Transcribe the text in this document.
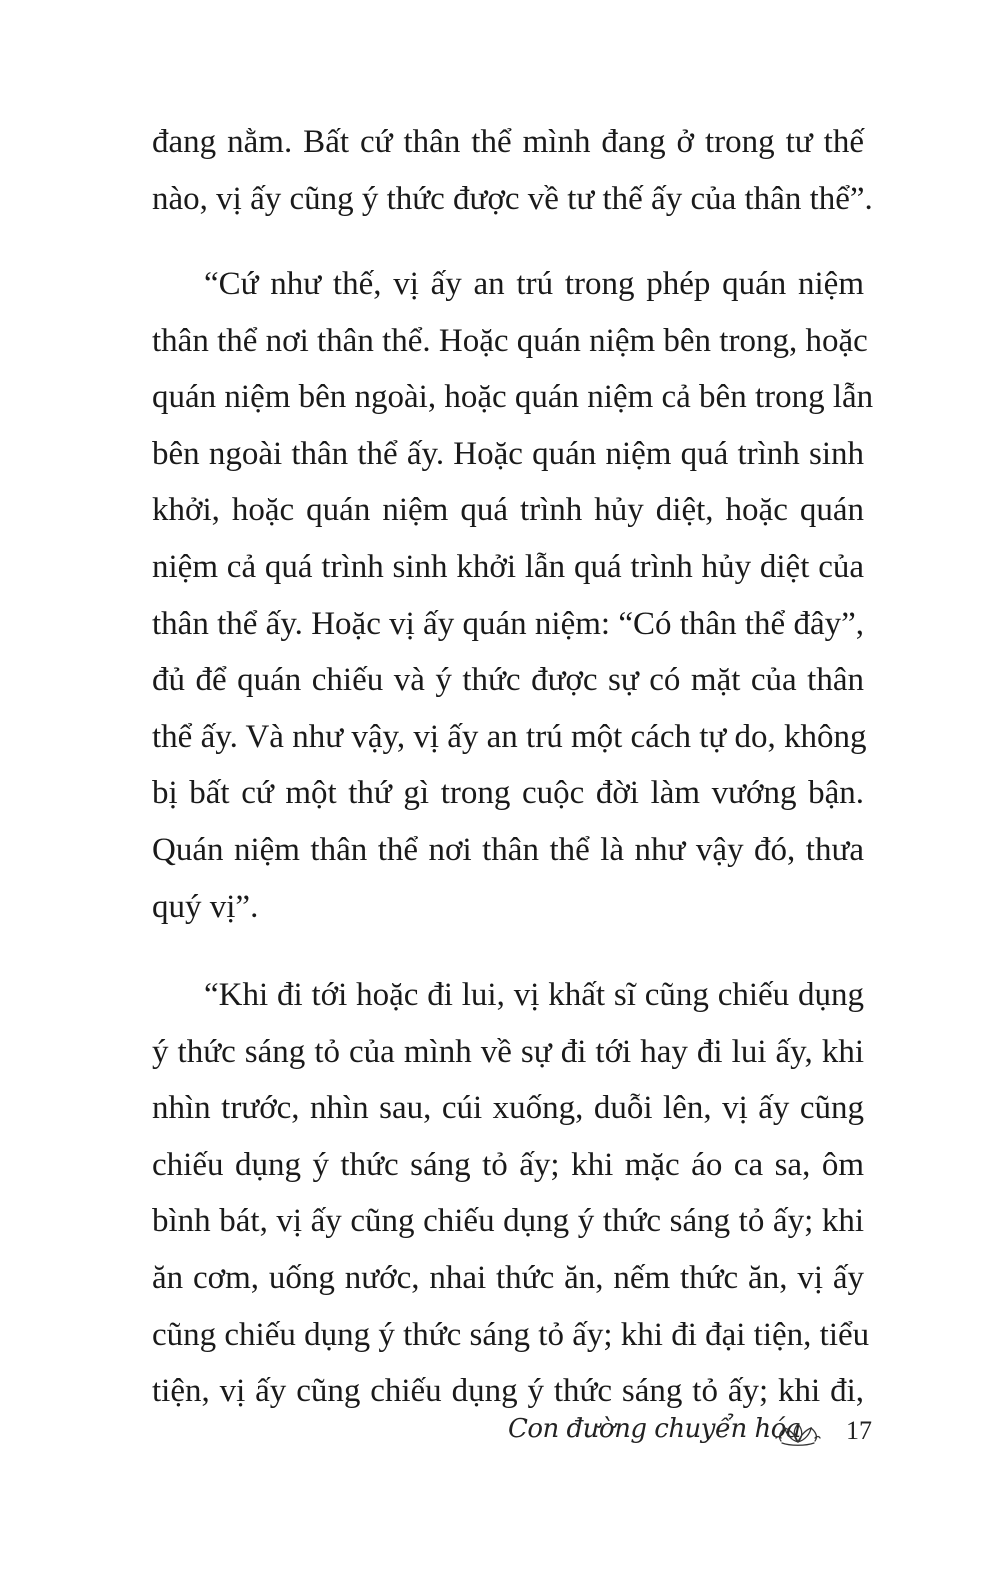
đang nằm. Bất cứ thân thể mình đang ở trong tư thế
nào, vị ấy cũng ý thức được về tư thế ấy của thân thể”.
“Cứ như thế, vị ấy an trú trong phép quán niệm
thân thể nơi thân thể. Hoặc quán niệm bên trong, hoặc
quán niệm bên ngoài, hoặc quán niệm cả bên trong lẫn
bên ngoài thân thể ấy. Hoặc quán niệm quá trình sinh
khởi, hoặc quán niệm quá trình hủy diệt, hoặc quán
niệm cả quá trình sinh khởi lẫn quá trình hủy diệt của
thân thể ấy. Hoặc vị ấy quán niệm: “Có thân thể đây”,
đủ để quán chiếu và ý thức được sự có mặt của thân
thể ấy. Và như vậy, vị ấy an trú một cách tự do, không
bị bất cứ một thứ gì trong cuộc đời làm vướng bận.
Quán niệm thân thể nơi thân thể là như vậy đó, thưa
quý vị”.
“Khi đi tới hoặc đi lui, vị khất sĩ cũng chiếu dụng
ý thức sáng tỏ của mình về sự đi tới hay đi lui ấy, khi
nhìn trước, nhìn sau, cúi xuống, duỗi lên, vị ấy cũng
chiếu dụng ý thức sáng tỏ ấy; khi mặc áo ca sa, ôm
bình bát, vị ấy cũng chiếu dụng ý thức sáng tỏ ấy; khi
ăn cơm, uống nước, nhai thức ăn, nếm thức ăn, vị ấy
cũng chiếu dụng ý thức sáng tỏ ấy; khi đi đại tiện, tiểu
tiện, vị ấy cũng chiếu dụng ý thức sáng tỏ ấy; khi đi,
Con đường chuyển hóa 17
